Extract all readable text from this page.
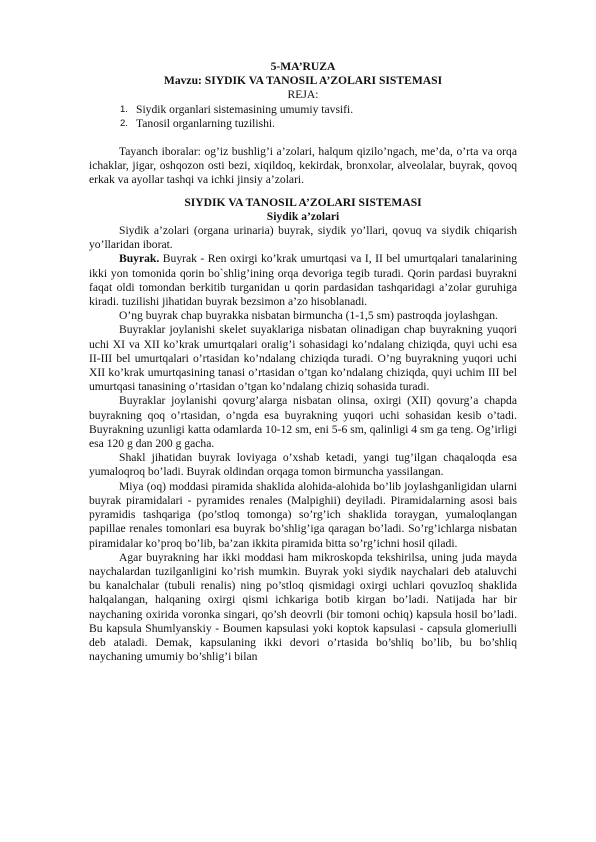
5-MA’RUZA
Mavzu: SIYDIK VA TANOSIL A’ZOLARI SISTEMASI
REJA:
1. Siydik organlari sistemasining umumiy tavsifi.
2. Tanosil organlarning tuzilishi.

Tayanch iboralar: og’iz bushlig’i a’zolari, halqum qizilo’ngach, me’da, o’rta va orqa ichaklar, jigar, oshqozon osti bezi, xiqildoq, kekirdak, bronxolar, alveolalar, buyrak, qovoq erkak va ayollar tashqi va ichki jinsiy a’zolari.

SIYDIK VA TANOSIL A’ZOLARI SISTEMASI
Siydik a’zolari

Siydik a’zolari (organa urinaria) buyrak, siydik yo’llari, qovuq va siydik chiqarish yo’llaridan iborat.

Buyrak. Buyrak - Ren oxirgi ko’krak umurtqasi va I, II bel umurtqalari tanalarining ikki yon tomonida qorin bo`shlig’ining orqa devoriga tegib turadi. Qorin pardasi buyrakni faqat oldi tomondan berkitib turganidan u qorin pardasidan tashqaridagi a’zolar guruhiga kiradi. tuzilishi jihatidan buyrak bezsimon a’zo hisoblanadi.

O’ng buyrak chap buyrakka nisbatan birmuncha (1-1,5 sm) pastroqda joylashgan.

Buyraklar joylanishi skelet suyaklariga nisbatan olinadigan chap buyrakning yuqori uchi XI va XII ko’krak umurtqalari oralig’i sohasidagi ko’ndalang chiziqda, quyi uchi esa II-III bel umurtqalari o’rtasidan ko’ndalang chiziqda turadi. O’ng buyrakning yuqori uchi XII ko’krak umurtqasining tanasi o’rtasidan o’tgan ko’ndalang chiziqda, quyi uchim III bel umurtqasi tanasining o’rtasidan o’tgan ko’ndalang chiziq sohasida turadi.

Buyraklar joylanishi qovurg’alarga nisbatan olinsa, oxirgi (XII) qovurg’a chapda buyrakning qoq o’rtasidan, o’ngda esa buyrakning yuqori uchi sohasidan kesib o’tadi. Buyrakning uzunligi katta odamlarda 10-12 sm, eni 5-6 sm, qalinligi 4 sm ga teng. Og’irligi esa 120 g dan 200 g gacha.

Shakl jihatidan buyrak loviyaga o’xshab ketadi, yangi tug’ilgan chaqaloqda esa yumaloqroq bo’ladi. Buyrak oldindan orqaga tomon birmuncha yassilangan.

Miya (oq) moddasi piramida shaklida alohida-alohida bo’lib joylashganligidan ularni buyrak piramidalari - pyramides renales (Malpighii) deyiladi. Piramidalarning asosi bais pyramidis tashqariga (po’stloq tomonga) so’rg’ich shaklida toraygan, yumaloqlangan papillae renales tomonlari esa buyrak bo’shlig’iga qaragan bo’ladi. So’rg’ichlarga nisbatan piramidalar ko’proq bo’lib, ba’zan ikkita piramida bitta so’rg’ichni hosil qiladi.

Agar buyrakning har ikki moddasi ham mikroskopda tekshirilsa, uning juda mayda naychalardan tuzilganligini ko’rish mumkin. Buyrak yoki siydik naychalari deb ataluvchi bu kanalchalar (tubuli renalis) ning po’stloq qismidagi oxirgi uchlari qovuzloq shaklida halqalangan, halqaning oxirgi qismi ichkariga botib kirgan bo’ladi. Natijada har bir naychaning oxirida voronka singari, qo’sh deovrli (bir tomoni ochiq) kapsula hosil bo’ladi. Bu kapsula Shumlyanskiy - Boumen kapsulasi yoki koptok kapsulasi - capsula glomeriulli deb ataladi. Demak, kapsulaning ikki devori o’rtasida bo’shliq bo’lib, bu bo’shliq naychaning umumiy bo’shlig’i bilan
